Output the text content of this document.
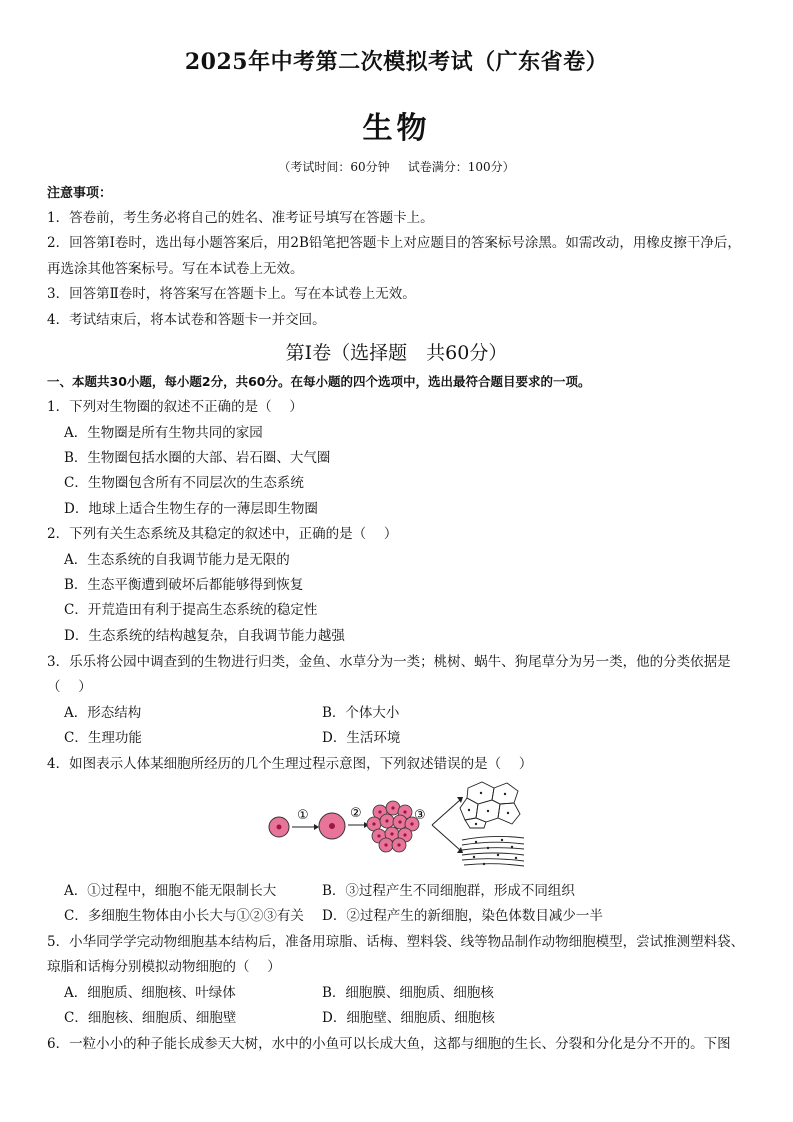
2025年中考第二次模拟考试（广东省卷）
生物
（考试时间：60分钟 试卷满分：100分）
注意事项：
1．答卷前，考生务必将自己的姓名、准考证号填写在答题卡上。
2．回答第Ⅰ卷时，选出每小题答案后，用2B铅笔把答题卡上对应题目的答案标号涂黑。如需改动，用橡皮擦干净后，
再选涂其他答案标号。写在本试卷上无效。
3．回答第Ⅱ卷时，将答案写在答题卡上。写在本试卷上无效。
4．考试结束后，将本试卷和答题卡一并交回。
第Ⅰ卷（选择题　共60分）
一、本题共30小题，每小题2分，共60分。在每小题的四个选项中，选出最符合题目要求的一项。
1．下列对生物圈的叙述不正确的是（　 ）
A．生物圈是所有生物共同的家园
B．生物圈包括水圈的大部、岩石圈、大气圈
C．生物圈包含所有不同层次的生态系统
D．地球上适合生物生存的一薄层即生物圈
2．下列有关生态系统及其稳定的叙述中，正确的是（　 ）
A．生态系统的自我调节能力是无限的
B．生态平衡遭到破坏后都能够得到恢复
C．开荒造田有利于提高生态系统的稳定性
D．生态系统的结构越复杂，自我调节能力越强
3．乐乐将公园中调查到的生物进行归类，金鱼、水草分为一类；桃树、蜗牛、狗尾草分为另一类，他的分类依据是
（　 ）
A．形态结构	B．个体大小
C．生理功能	D．生活环境
4．如图表示人体某细胞所经历的几个生理过程示意图，下列叙述错误的是（　 ）
①	②	③
A．①过程中，细胞不能无限制长大	B．③过程产生不同细胞群，形成不同组织
C．多细胞生物体由小长大与①②③有关 D．②过程产生的新细胞，染色体数目减少一半
5．小华同学学完动物细胞基本结构后，准备用琼脂、话梅、塑料袋、线等物品制作动物细胞模型，尝试推测塑料袋、
琼脂和话梅分别模拟动物细胞的（　 ）
A．细胞质、细胞核、叶绿体	B．细胞膜、细胞质、细胞核
C．细胞核、细胞质、细胞壁	D．细胞壁、细胞质、细胞核
6．一粒小小的种子能长成参天大树，水中的小鱼可以长成大鱼，这都与细胞的生长、分裂和分化是分不开的。下图
